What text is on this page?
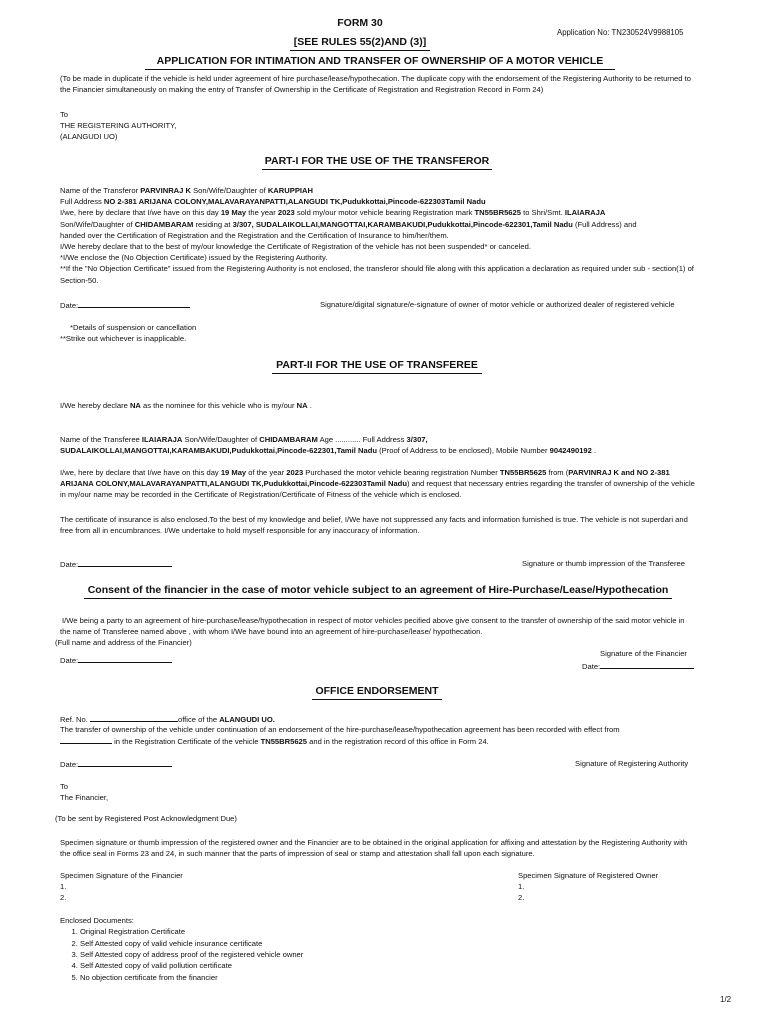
FORM 30
Application No: TN230524V9988105
[SEE RULES 55(2)AND (3)]
APPLICATION FOR INTIMATION AND TRANSFER OF OWNERSHIP OF A MOTOR VEHICLE
(To be made in duplicate if the vehicle is held under agreement of hire purchase/lease/hypothecation. The duplicate copy with the endorsement of the Registering Authority to be returned to the Financier simultaneously on making the entry of Transfer of Ownership in the Certificate of Registration and Registration Record in Form 24)
To
THE REGISTERING AUTHORITY,
(ALANGUDI UO)
PART-I FOR THE USE OF THE TRANSFEROR
Name of the Transferor PARVINRAJ K Son/Wife/Daughter of KARUPPIAH
Full Address NO 2-381 ARIJANA COLONY,MALAVARAYANPATTI,ALANGUDI TK,Pudukkottai,Pincode-622303Tamil Nadu
I/we, here by declare that I/we have on this day 19 May the year 2023 sold my/our motor vehicle bearing Registration mark TN55BR5625 to Shri/Smt. ILAIARAJA
Son/Wife/Daughter of CHIDAMBARAM residing at 3/307, SUDALAIKOLLAI,MANGOTTAI,KARAMBAKUDI,Pudukkottai,Pincode-622301,Tamil Nadu (Full Address) and
handed over the Certification of Registration and the Registration and the Certification of Insurance to him/her/them.
I/We hereby declare that to the best of my/our knowledge the Certificate of Registration of the vehicle has not been suspended* or canceled.
*I/We enclose the (No Objection Certificate) issued by the Registering Authority.
**If the "No Objection Certificate" issued from the Registering Authority is not enclosed, the transferor should file along with this application a declaration as required under sub - section(1) of Section-50.
Date:	Signature/digital signature/e-signature of owner of motor vehicle or authorized dealer of registered vehicle
*Details of suspension or cancellation
**Strike out whichever is inapplicable.
PART-II FOR THE USE OF TRANSFEREE
I/We hereby declare NA as the nominee for this vehicle who is my/our NA .
Name of the Transferee ILAIARAJA Son/Wife/Daughter of CHIDAMBARAM Age ............ Full Address 3/307,
SUDALAIKOLLAI,MANGOTTAI,KARAMBAKUDI,Pudukkottai,Pincode-622301,Tamil Nadu (Proof of Address to be enclosed), Mobile Number 9042490192 .
I/we, here by declare that I/we have on this day 19 May of the year 2023 Purchased the motor vehicle bearing registration Number TN55BR5625 from (PARVINRAJ K and NO 2-381 ARIJANA COLONY,MALAVARAYANPATTI,ALANGUDI TK,Pudukkottai,Pincode-622303Tamil Nadu) and request that necessary entries regarding the transfer of ownership of the vehicle in my/our name may be recorded in the Certificate of Registration/Certificate of Fitness of the vehicle which is enclosed.
The certificate of insurance is also enclosed.To the best of my knowledge and belief, I/We have not suppressed any facts and information furnished is true. The vehicle is not superdari and free from all in encumbrances. I/We undertake to hold myself responsible for any inaccuracy of information.
Date:	Signature or thumb impression of the Transferee
Consent of the financier in the case of motor vehicle subject to an agreement of Hire-Purchase/Lease/Hypothecation
I/We being a party to an agreement of hire-purchase/lease/hypothecation in respect of motor vehicles pecified above give consent to the transfer of ownership of the said motor vehicle in the name of Transferee named above , with whom I/We have bound into an agreement of hire-purchase/lease/ hypothecation.
(Full name and address of the Financier)
Signature of the Financier
Date:
Date:
OFFICE ENDORSEMENT
Ref. No.	office of the ALANGUDI UO.
The transfer of ownership of the vehicle under continuation of an endorsement of the hire-purchase/lease/hypothecation agreement has been recorded with effect from
in the Registration Certificate of the vehicle TN55BR5625 and in the registration record of this office in Form 24.
Date:	Signature of Registering Authority
To
The Financier,
(To be sent by Registered Post Acknowledgment Due)
Specimen signature or thumb impression of the registered owner and the Financier are to be obtained in the original application for affixing and attestation by the Registering Authority with the office seal in Forms 23 and 24, in such manner that the parts of impression of seal or stamp and attestation shall fall upon each signature.
Specimen Signature of the Financier
1.
2.
Specimen Signature of Registered Owner
1.
2.
Enclosed Documents:
1. Original Registration Certificate
2. Self Attested copy of valid vehicle insurance certificate
3. Self Attested copy of address proof of the registered vehicle owner
4. Self Attested copy of valid pollution certificate
5. No objection certificate from the financier
1/2
